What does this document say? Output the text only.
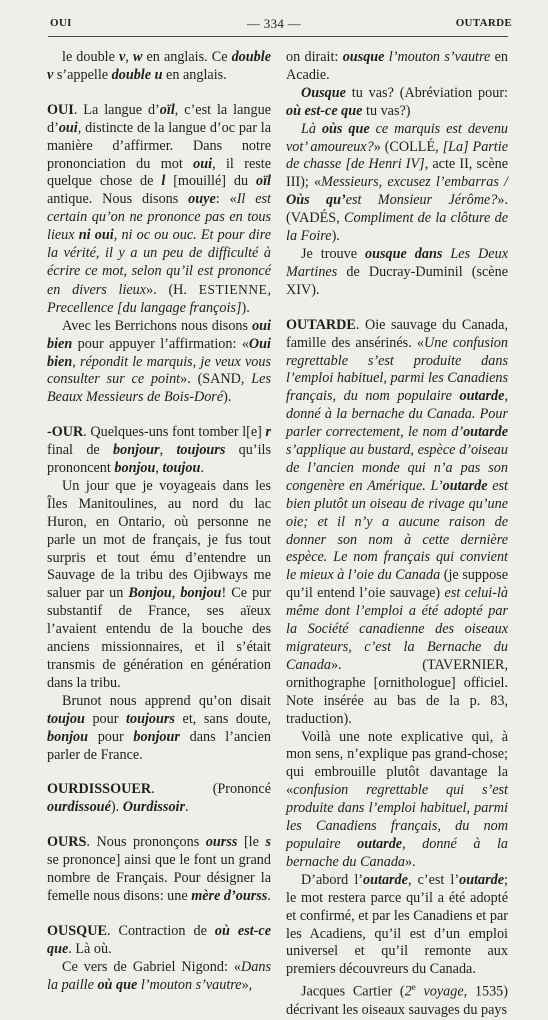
OUI	— 334 —	OUTARDE

le double v, w en anglais. Ce double v s’appelle double u en anglais.

OUI. La langue d’oïl, c’est la langue d’oui, distincte de la langue d’oc par la manière d’affirmer. Dans notre prononciation du mot oui, il reste quelque chose de l [mouillé] du oïl antique. Nous disons ouye: «Il est certain qu’on ne prononce pas en tous lieux ni oui, ni oc ou ouc. Et pour dire la vérité, il y a un peu de difficulté à écrire ce mot, selon qu’il est prononcé en divers lieux». (H. ESTIENNE, Precellence [du langage françois]).

Avec les Berrichons nous disons oui bien pour appuyer l’affirmation: «Oui bien, répondit le marquis, je veux vous consulter sur ce point». (SAND, Les Beaux Messieurs de Bois-Doré).

-OUR. Quelques-uns font tomber l[e] r final de bonjour, toujours qu’ils prononcent bonjou, toujou.

Un jour que je voyageais dans les Îles Manitoulines, au nord du lac Huron, en Ontario, où personne ne parle un mot de français, je fus tout surpris et tout ému d’entendre un Sauvage de la tribu des Ojibways me saluer par un Bonjou, bonjou! Ce pur substantif de France, ses aïeux l’avaient entendu de la bouche des anciens missionnaires, et il s’était transmis de génération en génération dans la tribu.

Brunot nous apprend qu’on disait toujou pour toujours et, sans doute, bonjou pour bonjour dans l’ancien parler de France.

OURDISSOUER. (Prononcé ourdissoué). Ourdissoir.

OURS. Nous prononçons ourss [le s se prononce] ainsi que le font un grand nombre de Français. Pour désigner la femelle nous disons: une mère d’ourss.

OUSQUE. Contraction de où est-ce que. Là où.

Ce vers de Gabriel Nigond: «Dans la paille où que l’mouton s’vautre»,

on dirait: ousque l’mouton s’vautre en Acadie.

Ousque tu vas? (Abréviation pour: où est-ce que tu vas?)

Là oùs que ce marquis est devenu vot’ amoureux?» (COLLÉ, [La] Partie de chasse [de Henri IV], acte II, scène III); «Messieurs, excusez l’embarras / Oùs qu’est Monsieur Jérôme?». (VADÉS, Compliment de la clôture de la Foire).

Je trouve ousque dans Les Deux Martines de Ducray-Duminil (scène XIV).

OUTARDE. Oie sauvage du Canada, famille des ansérinés. «Une confusion regrettable s’est produite dans l’emploi habituel, parmi les Canadiens français, du nom populaire outarde, donné à la bernache du Canada. Pour parler correctement, le nom d’outarde s’applique au bustard, espèce d’oiseau de l’ancien monde qui n’a pas son congenère en Amérique. L’outarde est bien plutôt un oiseau de rivage qu’une oie; et il n’y a aucune raison de donner son nom à cette dernière espèce. Le nom français qui convient le mieux à l’oie du Canada (je suppose qu’il entend l’oie sauvage) est celui-là même dont l’emploi a été adopté par la Société canadienne des oiseaux migrateurs, c’est la Bernache du Canada». (TAVERNIER, ornithographe [ornithologue] officiel. Note insérée au bas de la p. 83, traduction).

Voilà une note explicative qui, à mon sens, n’explique pas grand-chose; qui embrouille plutôt davantage la «confusion regrettable qui s’est produite dans l’emploi habituel, parmi les Canadiens français, du nom populaire outarde, donné à la bernache du Canada».

D’abord l’outarde, c’est l’outarde; le mot restera parce qu’il a été adopté et confirmé, et par les Canadiens et par les Acadiens, qu’il est d’un emploi universel et qu’il remonte aux premiers découvreurs du Canada.

Jacques Cartier (2e voyage, 1535) décrivant les oiseaux sauvages du pays
